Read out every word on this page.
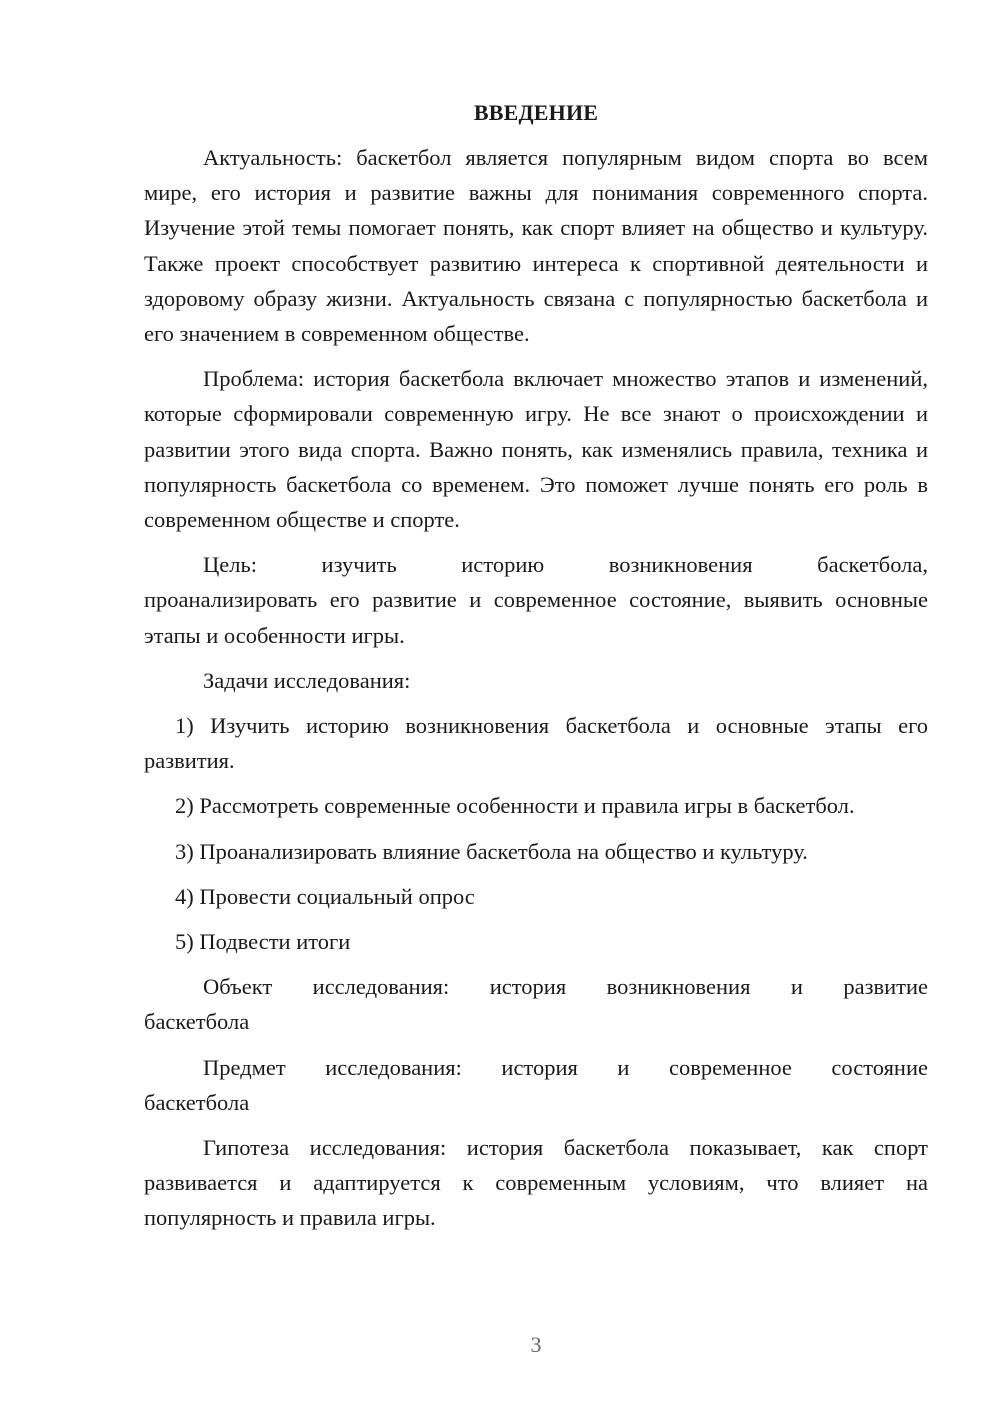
ВВЕДЕНИЕ

Актуальность: баскетбол является популярным видом спорта во всем мире, его история и развитие важны для понимания современного спорта. Изучение этой темы помогает понять, как спорт влияет на общество и культуру. Также проект способствует развитию интереса к спортивной деятельности и здоровому образу жизни. Актуальность связана с популярностью баскетбола и его значением в современном обществе.

Проблема: история баскетбола включает множество этапов и изменений, которые сформировали современную игру. Не все знают о происхождении и развитии этого вида спорта. Важно понять, как изменялись правила, техника и популярность баскетбола со временем. Это поможет лучше понять его роль в современном обществе и спорте.

Цель: изучить историю возникновения баскетбола,

проанализировать его развитие и современное состояние, выявить основные этапы и особенности игры.

Задачи исследования:

1) Изучить историю возникновения баскетбола и основные этапы его развития.

2) Рассмотреть современные особенности и правила игры в баскетбол.

3) Проанализировать влияние баскетбола на общество и культуру.

4) Провести социальный опрос

5) Подвести итоги

Объект исследования: история возникновения и развитие

баскетбола

Предмет исследования: история и современное состояние

баскетбола

Гипотеза исследования: история баскетбола показывает, как спорт развивается и адаптируется к современным условиям, что влияет на популярность и правила игры.

3
